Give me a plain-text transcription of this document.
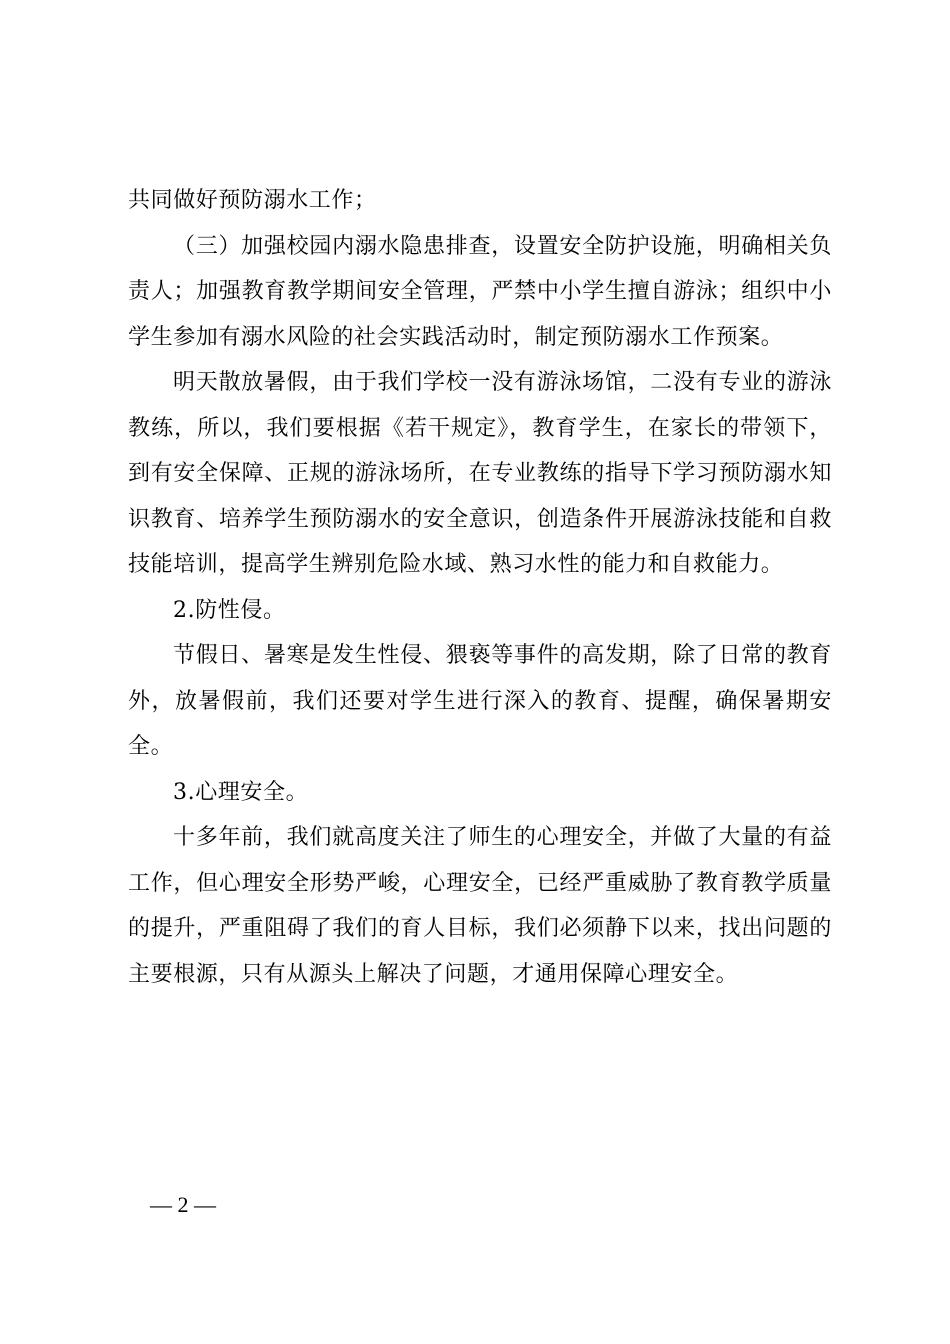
共同做好预防溺水工作；

（三）加强校园内溺水隐患排查，设置安全防护设施，明确相关负责人；加强教育教学期间安全管理，严禁中小学生擅自游泳；组织中小学生参加有溺水风险的社会实践活动时，制定预防溺水工作预案。

明天散放暑假，由于我们学校一没有游泳场馆，二没有专业的游泳教练，所以，我们要根据《若干规定》，教育学生，在家长的带领下，到有安全保障、正规的游泳场所，在专业教练的指导下学习预防溺水知识教育、培养学生预防溺水的安全意识，创造条件开展游泳技能和自救技能培训，提高学生辨别危险水域、熟习水性的能力和自救能力。

2.防性侵。

节假日、暑寒是发生性侵、猥亵等事件的高发期，除了日常的教育外，放暑假前，我们还要对学生进行深入的教育、提醒，确保暑期安全。

3.心理安全。

十多年前，我们就高度关注了师生的心理安全，并做了大量的有益工作，但心理安全形势严峻，心理安全，已经严重威胁了教育教学质量的提升，严重阻碍了我们的育人目标，我们必须静下以来，找出问题的主要根源，只有从源头上解决了问题，才通用保障心理安全。

— 2 —
